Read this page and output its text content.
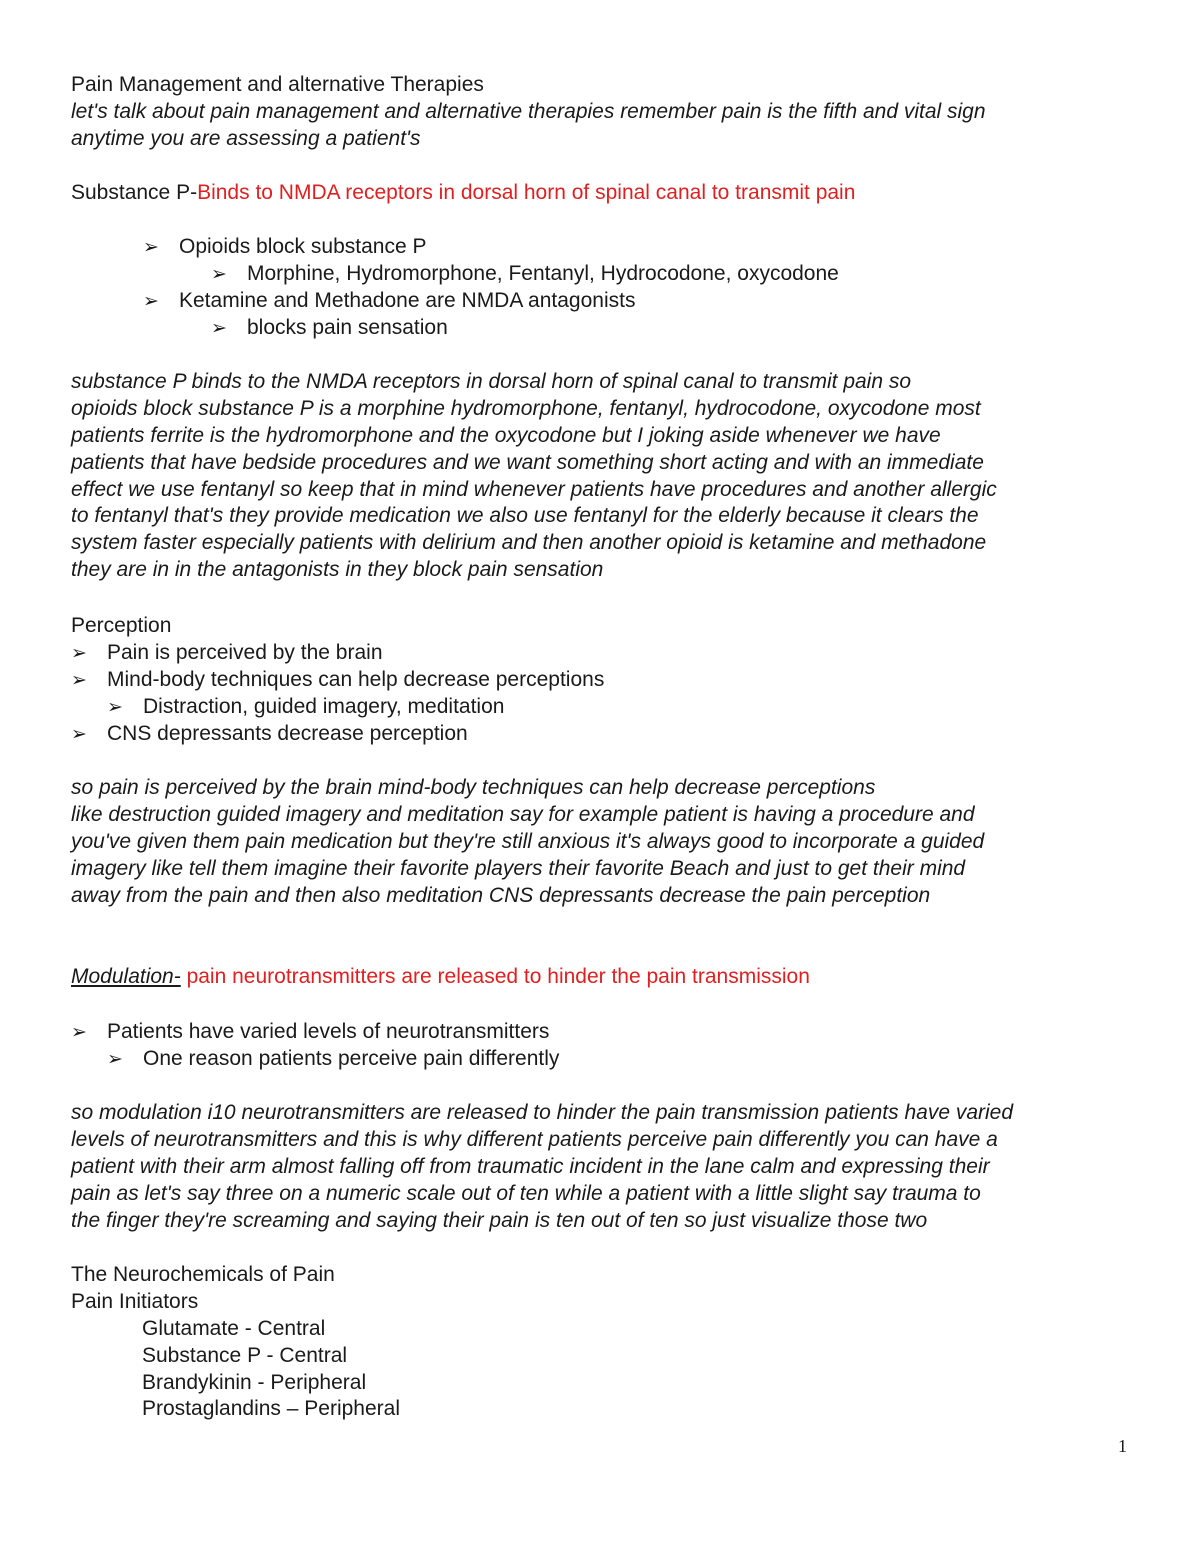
Pain Management and alternative Therapies
let's talk about pain management and alternative therapies remember pain is the fifth and vital sign
anytime you are assessing a patient's
Substance P-Binds to NMDA receptors in dorsal horn of spinal canal to transmit pain
➢ Opioids block substance P
➢ Morphine, Hydromorphone, Fentanyl, Hydrocodone, oxycodone
➢ Ketamine and Methadone are NMDA antagonists
➢ blocks pain sensation
substance P binds to the NMDA receptors in dorsal horn of spinal canal to transmit pain so
opioids block substance P is a morphine hydromorphone, fentanyl, hydrocodone, oxycodone most
patients ferrite is the hydromorphone and the oxycodone but I joking aside whenever we have
patients that have bedside procedures and we want something short acting and with an immediate
effect we use fentanyl so keep that in mind whenever patients have procedures and another allergic
to fentanyl that's they provide medication we also use fentanyl for the elderly because it clears the
system faster especially patients with delirium and then another opioid is ketamine and methadone
they are in in the antagonists in they block pain sensation
Perception
➢ Pain is perceived by the brain
➢ Mind-body techniques can help decrease perceptions
➢ Distraction, guided imagery, meditation
➢ CNS depressants decrease perception
so pain is perceived by the brain mind-body techniques can help decrease perceptions
like destruction guided imagery and meditation say for example patient is having a procedure and
you've given them pain medication but they're still anxious it's always good to incorporate a guided
imagery like tell them imagine their favorite players their favorite Beach and just to get their mind
away from the pain and then also meditation CNS depressants decrease the pain perception
Modulation- pain neurotransmitters are released to hinder the pain transmission
➢ Patients have varied levels of neurotransmitters
➢ One reason patients perceive pain differently
so modulation i10 neurotransmitters are released to hinder the pain transmission patients have varied
levels of neurotransmitters and this is why different patients perceive pain differently you can have a
patient with their arm almost falling off from traumatic incident in the lane calm and expressing their
pain as let's say three on a numeric scale out of ten while a patient with a little slight say trauma to
the finger they're screaming and saying their pain is ten out of ten so just visualize those two
The Neurochemicals of Pain
Pain Initiators
Glutamate - Central
Substance P - Central
Brandykinin - Peripheral
Prostaglandins – Peripheral
1
